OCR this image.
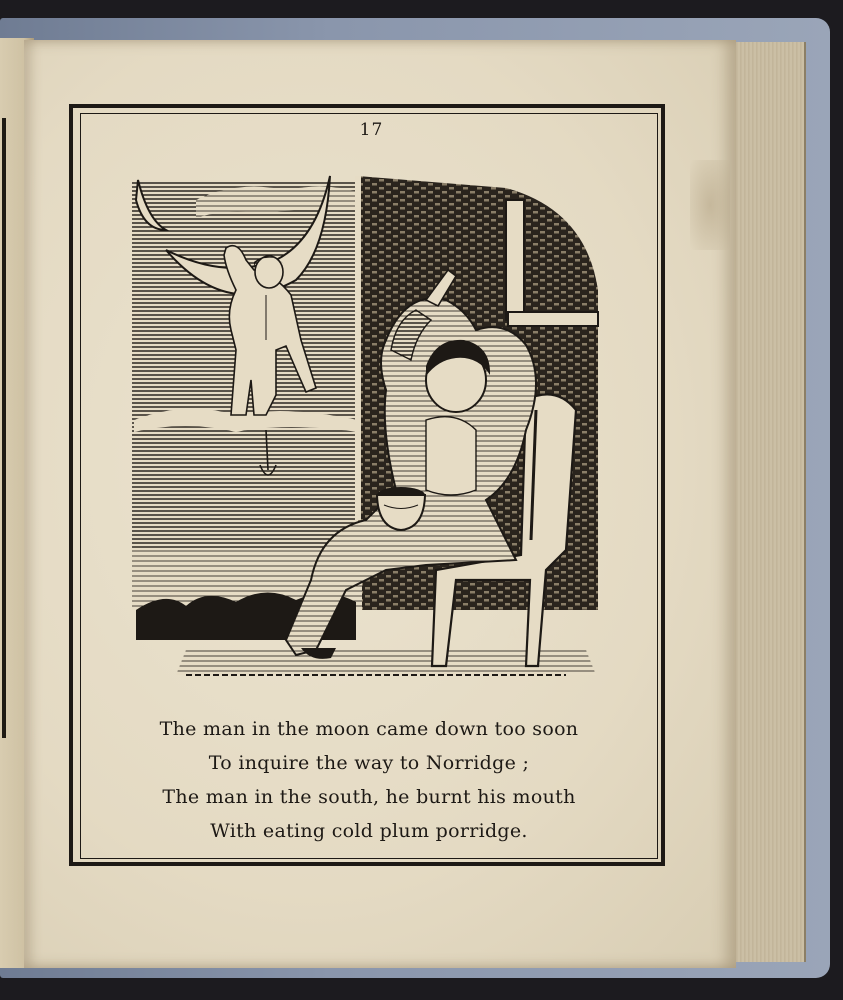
17
AB
The man in the moon came down too soon
To inquire the way to Norridge ;
The man in the south, he burnt his mouth
With eating cold plum porridge.
